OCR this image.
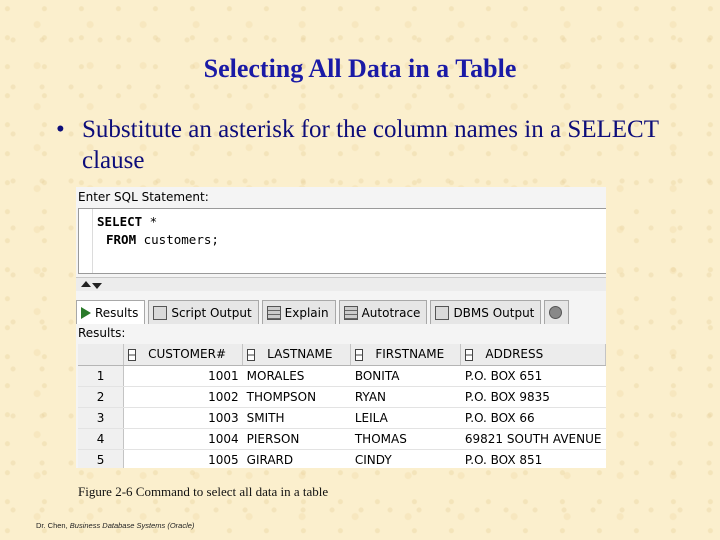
Selecting All Data in a Table
• Substitute an asterisk for the column names in a SELECT clause
Enter SQL Statement:
SELECT *
FROM customers;
Results	Script Output	Explain	Autotrace	DBMS Output
Results:
	CUSTOMER#	LASTNAME	FIRSTNAME	ADDRESS
1	1001	MORALES	BONITA	P.O. BOX 651
2	1002	THOMPSON	RYAN	P.O. BOX 9835
3	1003	SMITH	LEILA	P.O. BOX 66
4	1004	PIERSON	THOMAS	69821 SOUTH AVENUE
5	1005	GIRARD	CINDY	P.O. BOX 851
Figure 2-6 Command to select all data in a table
Dr. Chen, Business Database Systems (Oracle)
